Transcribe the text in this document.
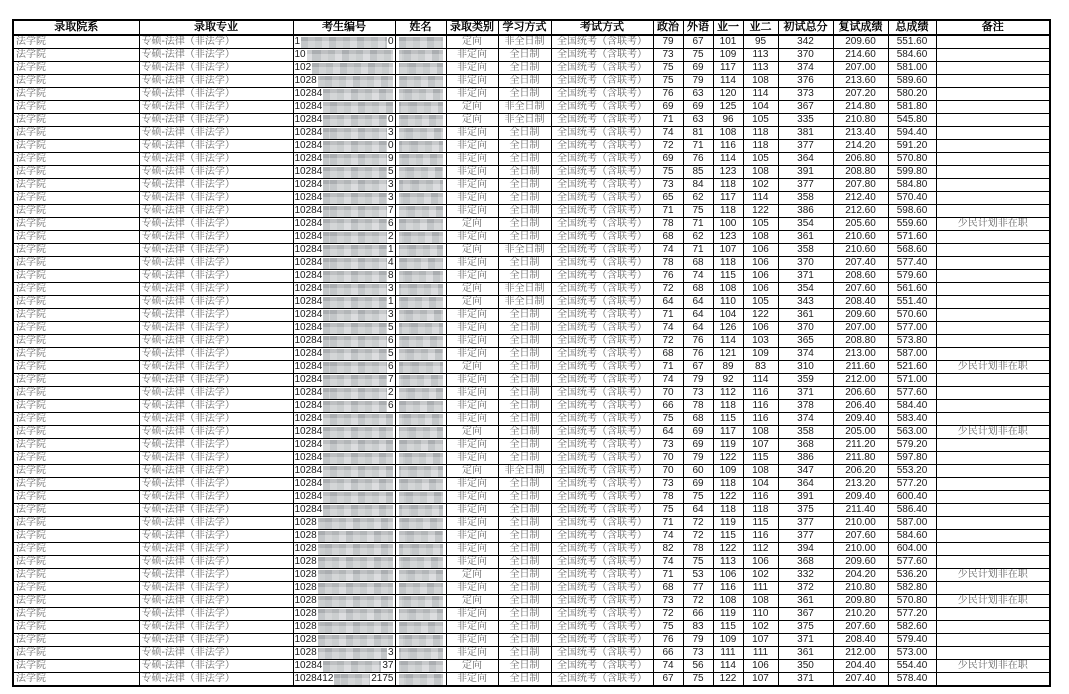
录取院系	录取专业	考生编号	姓名	录取类别	学习方式	考试方式	政治	外语	业一	业二	初试总分	复试成绩	总成绩	备注
法学院	专硕-法律（非法学）	1 0		定向	非全日制	全国统考（含联考）	79	67	101	95	342	209.60	551.60	
法学院	专硕-法律（非法学）	10		非定向	全日制	全国统考（含联考）	73	75	109	113	370	214.60	584.60	
法学院	专硕-法律（非法学）	102		非定向	全日制	全国统考（含联考）	75	69	117	113	374	207.00	581.00	
法学院	专硕-法律（非法学）	1028		非定向	全日制	全国统考（含联考）	75	79	114	108	376	213.60	589.60	
法学院	专硕-法律（非法学）	10284		非定向	全日制	全国统考（含联考）	76	63	120	114	373	207.20	580.20	
法学院	专硕-法律（非法学）	10284		定向	非全日制	全国统考（含联考）	69	69	125	104	367	214.80	581.80	
法学院	专硕-法律（非法学）	10284 0		定向	非全日制	全国统考（含联考）	71	63	96	105	335	210.80	545.80	
法学院	专硕-法律（非法学）	10284 3		非定向	全日制	全国统考（含联考）	74	81	108	118	381	213.40	594.40	
法学院	专硕-法律（非法学）	10284 0		非定向	全日制	全国统考（含联考）	72	71	116	118	377	214.20	591.20	
法学院	专硕-法律（非法学）	10284 9		非定向	全日制	全国统考（含联考）	69	76	114	105	364	206.80	570.80	
法学院	专硕-法律（非法学）	10284 5		非定向	全日制	全国统考（含联考）	75	85	123	108	391	208.80	599.80	
法学院	专硕-法律（非法学）	10284 3		非定向	全日制	全国统考（含联考）	73	84	118	102	377	207.80	584.80	
法学院	专硕-法律（非法学）	10284 3		非定向	全日制	全国统考（含联考）	65	62	117	114	358	212.40	570.40	
法学院	专硕-法律（非法学）	10284 7		非定向	全日制	全国统考（含联考）	71	75	118	122	386	212.60	598.60	
法学院	专硕-法律（非法学）	10284 6		定向	全日制	全国统考（含联考）	78	71	100	105	354	205.60	559.60	少民计划非在职
法学院	专硕-法律（非法学）	10284 2		非定向	全日制	全国统考（含联考）	68	62	123	108	361	210.60	571.60	
法学院	专硕-法律（非法学）	10284 1		定向	非全日制	全国统考（含联考）	74	71	107	106	358	210.60	568.60	
法学院	专硕-法律（非法学）	10284 4		非定向	全日制	全国统考（含联考）	78	68	118	106	370	207.40	577.40	
法学院	专硕-法律（非法学）	10284 8		非定向	全日制	全国统考（含联考）	76	74	115	106	371	208.60	579.60	
法学院	专硕-法律（非法学）	10284 3		定向	非全日制	全国统考（含联考）	72	68	108	106	354	207.60	561.60	
法学院	专硕-法律（非法学）	10284 1		定向	非全日制	全国统考（含联考）	64	64	110	105	343	208.40	551.40	
法学院	专硕-法律（非法学）	10284 3		非定向	全日制	全国统考（含联考）	71	64	104	122	361	209.60	570.60	
法学院	专硕-法律（非法学）	10284 5		非定向	全日制	全国统考（含联考）	74	64	126	106	370	207.00	577.00	
法学院	专硕-法律（非法学）	10284 6		非定向	全日制	全国统考（含联考）	72	76	114	103	365	208.80	573.80	
法学院	专硕-法律（非法学）	10284 5		非定向	全日制	全国统考（含联考）	68	76	121	109	374	213.00	587.00	
法学院	专硕-法律（非法学）	10284 6		定向	全日制	全国统考（含联考）	71	67	89	83	310	211.60	521.60	少民计划非在职
法学院	专硕-法律（非法学）	10284 7		非定向	全日制	全国统考（含联考）	74	79	92	114	359	212.00	571.00	
法学院	专硕-法律（非法学）	10284 2		非定向	全日制	全国统考（含联考）	70	73	112	116	371	206.60	577.60	
法学院	专硕-法律（非法学）	10284 6		非定向	全日制	全国统考（含联考）	66	78	118	116	378	206.40	584.40	
法学院	专硕-法律（非法学）	10284		非定向	全日制	全国统考（含联考）	75	68	115	116	374	209.40	583.40	
法学院	专硕-法律（非法学）	10284		定向	全日制	全国统考（含联考）	64	69	117	108	358	205.00	563.00	少民计划非在职
法学院	专硕-法律（非法学）	10284		非定向	全日制	全国统考（含联考）	73	69	119	107	368	211.20	579.20	
法学院	专硕-法律（非法学）	10284		非定向	全日制	全国统考（含联考）	70	79	122	115	386	211.80	597.80	
法学院	专硕-法律（非法学）	10284		定向	非全日制	全国统考（含联考）	70	60	109	108	347	206.20	553.20	
法学院	专硕-法律（非法学）	10284		非定向	全日制	全国统考（含联考）	73	69	118	104	364	213.20	577.20	
法学院	专硕-法律（非法学）	10284		非定向	全日制	全国统考（含联考）	78	75	122	116	391	209.40	600.40	
法学院	专硕-法律（非法学）	10284		非定向	全日制	全国统考（含联考）	75	64	118	118	375	211.40	586.40	
法学院	专硕-法律（非法学）	1028		非定向	全日制	全国统考（含联考）	71	72	119	115	377	210.00	587.00	
法学院	专硕-法律（非法学）	1028		非定向	全日制	全国统考（含联考）	74	72	115	116	377	207.60	584.60	
法学院	专硕-法律（非法学）	1028		非定向	全日制	全国统考（含联考）	82	78	122	112	394	210.00	604.00	
法学院	专硕-法律（非法学）	1028		非定向	全日制	全国统考（含联考）	74	75	113	106	368	209.60	577.60	
法学院	专硕-法律（非法学）	1028		定向	全日制	全国统考（含联考）	71	53	106	102	332	204.20	536.20	少民计划非在职
法学院	专硕-法律（非法学）	1028		非定向	全日制	全国统考（含联考）	68	77	116	111	372	210.80	582.80	
法学院	专硕-法律（非法学）	1028		定向	全日制	全国统考（含联考）	73	72	108	108	361	209.80	570.80	少民计划非在职
法学院	专硕-法律（非法学）	1028		非定向	全日制	全国统考（含联考）	72	66	119	110	367	210.20	577.20	
法学院	专硕-法律（非法学）	1028		非定向	全日制	全国统考（含联考）	75	83	115	102	375	207.60	582.60	
法学院	专硕-法律（非法学）	1028		非定向	全日制	全国统考（含联考）	76	79	109	107	371	208.40	579.40	
法学院	专硕-法律（非法学）	1028 3		非定向	全日制	全国统考（含联考）	66	73	111	111	361	212.00	573.00	
法学院	专硕-法律（非法学）	10284 37		定向	全日制	全国统考（含联考）	74	56	114	106	350	204.40	554.40	少民计划非在职
法学院	专硕-法律（非法学）	1028412 2175		非定向	全日制	全国统考（含联考）	67	75	122	107	371	207.40	578.40	
